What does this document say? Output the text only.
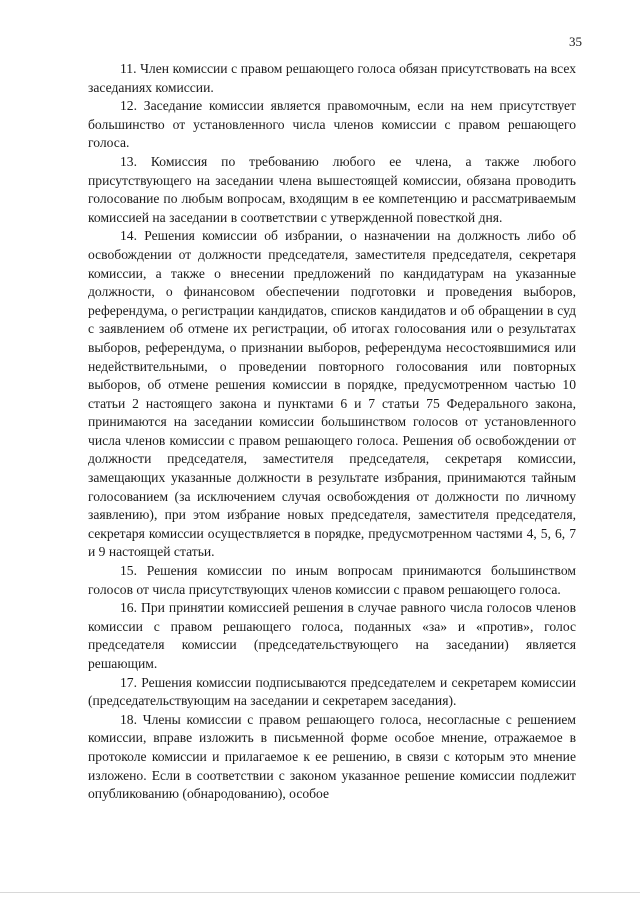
35

11. Член комиссии с правом решающего голоса обязан присутствовать на всех заседаниях комиссии.

12. Заседание комиссии является правомочным, если на нем присутствует большинство от установленного числа членов комиссии с правом решающего голоса.

13. Комиссия по требованию любого ее члена, а также любого присутствующего на заседании члена вышестоящей комиссии, обязана проводить голосование по любым вопросам, входящим в ее компетенцию и рассматриваемым комиссией на заседании в соответствии с утвержденной повесткой дня.

14. Решения комиссии об избрании, о назначении на должность либо об освобождении от должности председателя, заместителя председателя, секретаря комиссии, а также о внесении предложений по кандидатурам на указанные должности, о финансовом обеспечении подготовки и проведения выборов, референдума, о регистрации кандидатов, списков кандидатов и об обращении в суд с заявлением об отмене их регистрации, об итогах голосования или о результатах выборов, референдума, о признании выборов, референдума несостоявшимися или недействительными, о проведении повторного голосования или повторных выборов, об отмене решения комиссии в порядке, предусмотренном частью 10 статьи 2 настоящего закона и пунктами 6 и 7 статьи 75 Федерального закона, принимаются на заседании комиссии большинством голосов от установленного числа членов комиссии с правом решающего голоса. Решения об освобождении от должности председателя, заместителя председателя, секретаря комиссии, замещающих указанные должности в результате избрания, принимаются тайным голосованием (за исключением случая освобождения от должности по личному заявлению), при этом избрание новых председателя, заместителя председателя, секретаря комиссии осуществляется в порядке, предусмотренном частями 4, 5, 6, 7 и 9 настоящей статьи.

15. Решения комиссии по иным вопросам принимаются большинством голосов от числа присутствующих членов комиссии с правом решающего голоса.

16. При принятии комиссией решения в случае равного числа голосов членов комиссии с правом решающего голоса, поданных «за» и «против», голос председателя комиссии (председательствующего на заседании) является решающим.

17. Решения комиссии подписываются председателем и секретарем комиссии (председательствующим на заседании и секретарем заседания).

18. Члены комиссии с правом решающего голоса, несогласные с решением комиссии, вправе изложить в письменной форме особое мнение, отражаемое в протоколе комиссии и прилагаемое к ее решению, в связи с которым это мнение изложено. Если в соответствии с законом указанное решение комиссии подлежит опубликованию (обнародованию), особое
